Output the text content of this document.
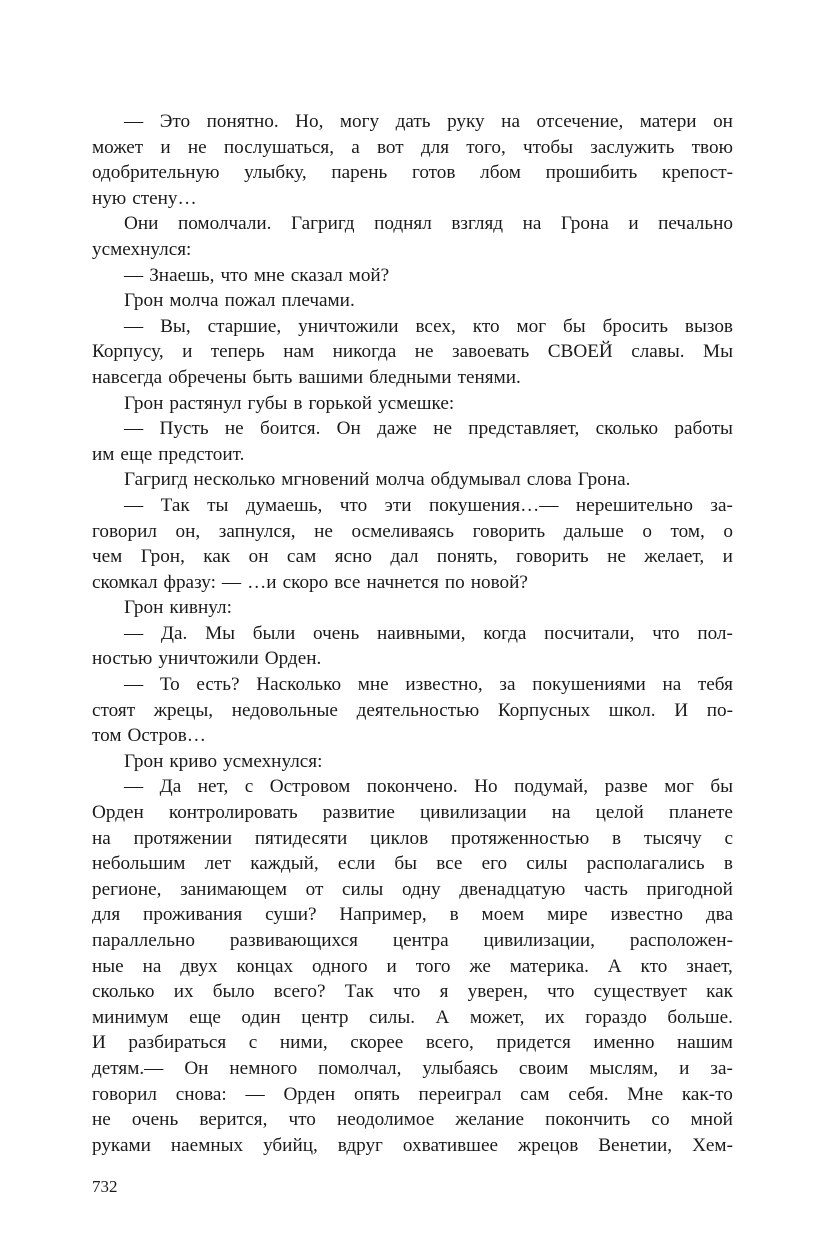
— Это понятно. Но, могу дать руку на отсечение, матери он
может и не послушаться, а вот для того, чтобы заслужить твою
одобрительную улыбку, парень готов лбом прошибить крепост-
ную стену…
Они помолчали. Гагригд поднял взгляд на Грона и печально
усмехнулся:
— Знаешь, что мне сказал мой?
Грон молча пожал плечами.
— Вы, старшие, уничтожили всех, кто мог бы бросить вызов
Корпусу, и теперь нам никогда не завоевать СВОЕЙ славы. Мы
навсегда обречены быть вашими бледными тенями.
Грон растянул губы в горькой усмешке:
— Пусть не боится. Он даже не представляет, сколько работы
им еще предстоит.
Гагригд несколько мгновений молча обдумывал слова Грона.
— Так ты думаешь, что эти покушения…— нерешительно за-
говорил он, запнулся, не осмеливаясь говорить дальше о том, о
чем Грон, как он сам ясно дал понять, говорить не желает, и
скомкал фразу: — …и скоро все начнется по новой?
Грон кивнул:
— Да. Мы были очень наивными, когда посчитали, что пол-
ностью уничтожили Орден.
— То есть? Насколько мне известно, за покушениями на тебя
стоят жрецы, недовольные деятельностью Корпусных школ. И по-
том Остров…
Грон криво усмехнулся:
— Да нет, с Островом покончено. Но подумай, разве мог бы
Орден контролировать развитие цивилизации на целой планете
на протяжении пятидесяти циклов протяженностью в тысячу с
небольшим лет каждый, если бы все его силы располагались в
регионе, занимающем от силы одну двенадцатую часть пригодной
для проживания суши? Например, в моем мире известно два
параллельно развивающихся центра цивилизации, расположен-
ные на двух концах одного и того же материка. А кто знает,
сколько их было всего? Так что я уверен, что существует как
минимум еще один центр силы. А может, их гораздо больше.
И разбираться с ними, скорее всего, придется именно нашим
детям.— Он немного помолчал, улыбаясь своим мыслям, и за-
говорил снова: — Орден опять переиграл сам себя. Мне как-то
не очень верится, что неодолимое желание покончить со мной
руками наемных убийц, вдруг охватившее жрецов Венетии, Хем-
732
